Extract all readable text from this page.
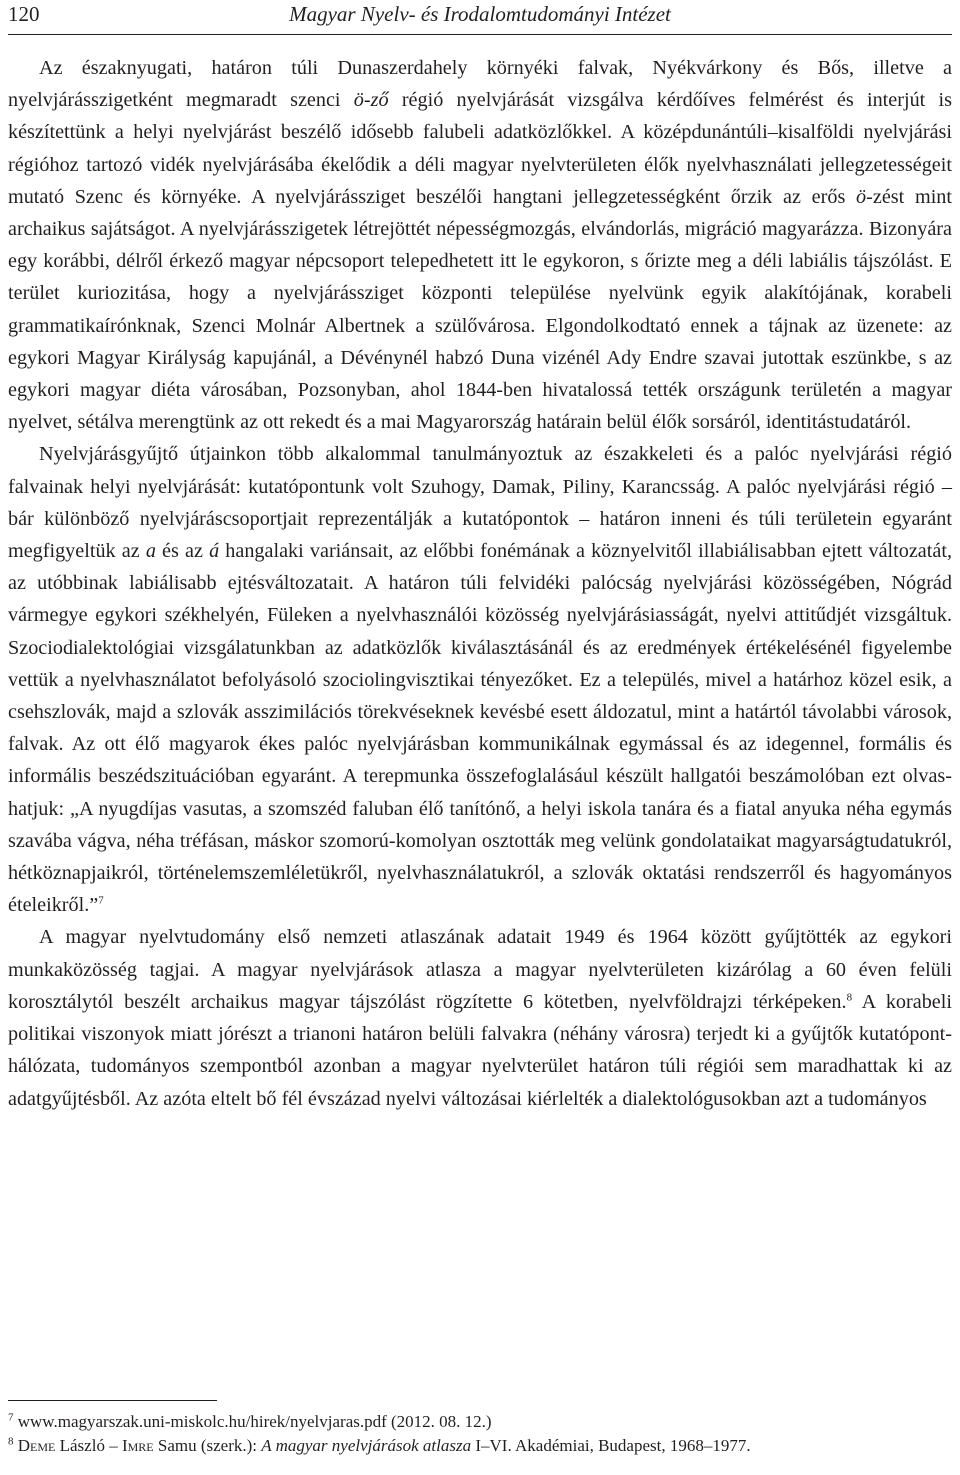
120	Magyar Nyelv- és Irodalomtudományi Intézet

Az északnyugati, határon túli Dunaszerdahely környéki falvak, Nyékvárkony és Bős, illetve a nyelvjárásszigetként megmaradt szenci ö-ző régió nyelvjárását vizsgálva kérdőíves felmérést és interjút is készítettünk a helyi nyelvjárást beszélő idősebb falubeli adatközlőkkel. A középdunántúli–kisalföldi nyelvjárási régióhoz tartozó vidék nyelvjárásába ékelődik a déli magyar nyelvterületen élők nyelvhasználati jellegzetességeit mutató Szenc és környéke. A nyelvjárássziget beszélői hangtani jellegzetességként őrzik az erős ö-zést mint archaikus sajátságot. A nyelvjárásszigetek létrejöttét népességmozgás, elvándorlás, migráció magyarázza. Bizonyára egy korábbi, délről érkező magyar népcsoport telepedhetett itt le egykoron, s őrizte meg a déli labiális tájszólást. E terület kuriozitása, hogy a nyelvjárássziget központi települése nyelvünk egyik alakítójának, korabeli grammatikaírónknak, Szenci Molnár Albertnek a szülővárosa. Elgondolkodtató ennek a tájnak az üzenete: az egykori Magyar Királyság kapujánál, a Dévénynél habzó Duna vizénél Ady Endre szavai jutottak eszünkbe, s az egykori magyar diéta városában, Pozsonyban, ahol 1844-ben hivatalossá tették országunk területén a magyar nyelvet, sétálva merengtünk az ott rekedt és a mai Magyarország határain belül élők sorsáról, identitástudatáról.

Nyelvjárásgyűjtő útjainkon több alkalommal tanulmányoztuk az északkeleti és a palóc nyelvjárási régió falvainak helyi nyelvjárását: kutatópontunk volt Szuhogy, Damak, Piliny, Karancsság. A palóc nyelvjárási régió – bár különböző nyelvjáráscsoportjait reprezentálják a kutatópontok – határon inneni és túli területein egyaránt megfigyeltük az a és az á hangalaki variánsait, az előbbi fonémának a köznyelvitől illabiálisabban ejtett változatát, az utóbbinak labiálisabb ejtésváltozatait. A határon túli felvidéki palócság nyelvjárási közösségében, Nógrád vármegye egykori székhelyén, Füleken a nyelvhasználói közösség nyelvjárásiasságát, nyelvi attitűdjét vizsgáltuk. Szociodialektológiai vizsgálatunkban az adatközlők kiválasztásánál és az eredmények értékelésénél figyelembe vettük a nyelvhasználatot befolyásoló szociolingvisztikai tényezőket. Ez a település, mivel a határhoz közel esik, a csehszlovák, majd a szlovák asszimilációs törekvéseknek kevésbé esett áldozatul, mint a határtól távolabbi városok, falvak. Az ott élő magyarok ékes palóc nyelvjárásban kommunikálnak egymással és az idegennel, formális és informális beszédszituációban egyaránt. A terepmunka összefoglalásául készült hallgatói beszámolóban ezt olvashatjuk: „A nyugdíjas vasutas, a szomszéd faluban élő tanítónő, a helyi iskola tanára és a fiatal anyuka néha egymás szavába vágva, néha tréfásan, máskor szomorú-komolyan osztották meg velünk gondolataikat magyarságtudatukról, hétköznapjaikról, történelemszemléletükről, nyelvhasználatukról, a szlovák oktatási rendszerről és hagyományos ételeikről.”$^7$

A magyar nyelvtudomány első nemzeti atlaszának adatait 1949 és 1964 között gyűjtötték az egykori munkaközösség tagjai. A magyar nyelvjárások atlasza a magyar nyelvterületen kizárólag a 60 éven felüli korosztálytól beszélt archaikus magyar tájszólást rögzítette 6 kötetben, nyelvföldrajzi térképeken.$^8$ A korabeli politikai viszonyok miatt jórészt a trianoni határon belüli falvakra (néhány városra) terjedt ki a gyűjtők kutatópont-hálózata, tudományos szempontból azonban a magyar nyelvterület határon túli régiói sem maradhattak ki az adatgyűjtésből. Az azóta eltelt bő fél évszázad nyelvi változásai kiérlelték a dialektológusokban azt a tudományos

$^7$ www.magyarszak.uni-miskolc.hu/hirek/nyelvjaras.pdf (2012. 08. 12.)

$^8$ Deme László – Imre Samu (szerk.): A magyar nyelvjárások atlasza I–VI. Akadémiai, Budapest, 1968–1977.
